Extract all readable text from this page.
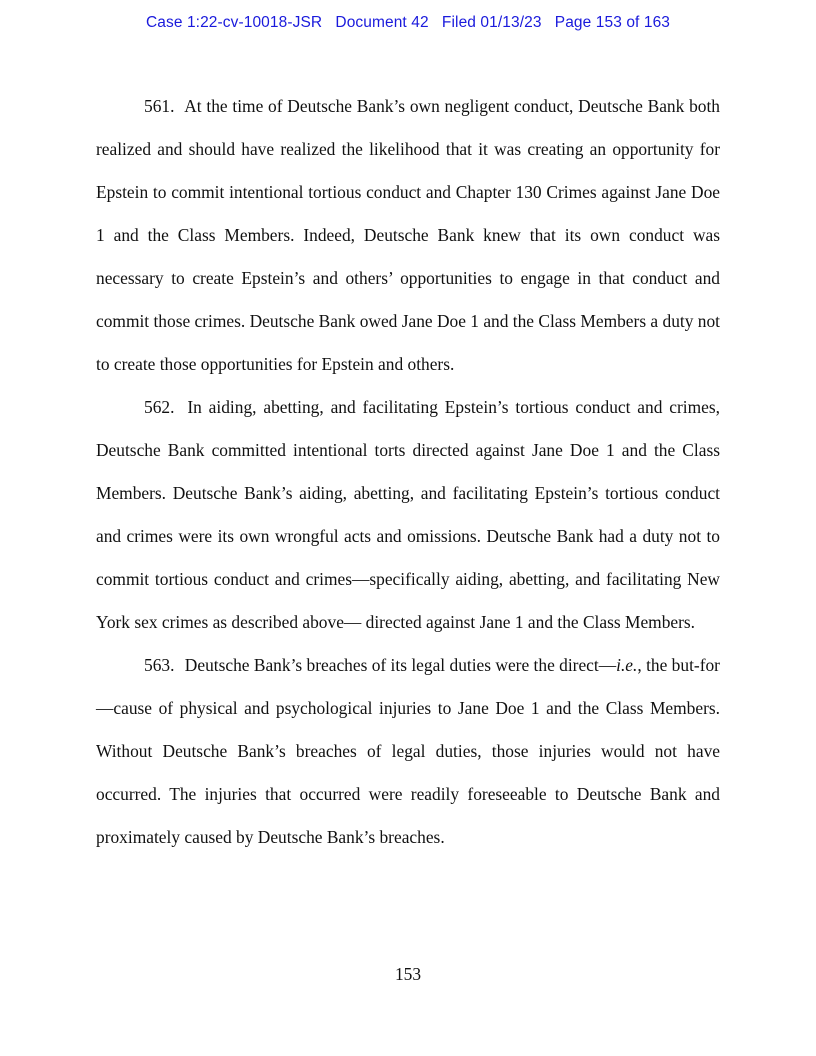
Case 1:22-cv-10018-JSR   Document 42   Filed 01/13/23   Page 153 of 163

561. At the time of Deutsche Bank’s own negligent conduct, Deutsche Bank both realized and should have realized the likelihood that it was creating an opportunity for Epstein to commit intentional tortious conduct and Chapter 130 Crimes against Jane Doe 1 and the Class Members. Indeed, Deutsche Bank knew that its own conduct was necessary to create Epstein’s and others’ opportunities to engage in that conduct and commit those crimes. Deutsche Bank owed Jane Doe 1 and the Class Members a duty not to create those opportunities for Epstein and others.

562. In aiding, abetting, and facilitating Epstein’s tortious conduct and crimes, Deutsche Bank committed intentional torts directed against Jane Doe 1 and the Class Members. Deutsche Bank’s aiding, abetting, and facilitating Epstein’s tortious conduct and crimes were its own wrongful acts and omissions. Deutsche Bank had a duty not to commit tortious conduct and crimes—specifically aiding, abetting, and facilitating New York sex crimes as described above— directed against Jane 1 and the Class Members.

563. Deutsche Bank’s breaches of its legal duties were the direct—i.e., the but-for—cause of physical and psychological injuries to Jane Doe 1 and the Class Members. Without Deutsche Bank’s breaches of legal duties, those injuries would not have occurred. The injuries that occurred were readily foreseeable to Deutsche Bank and proximately caused by Deutsche Bank’s breaches.

153
